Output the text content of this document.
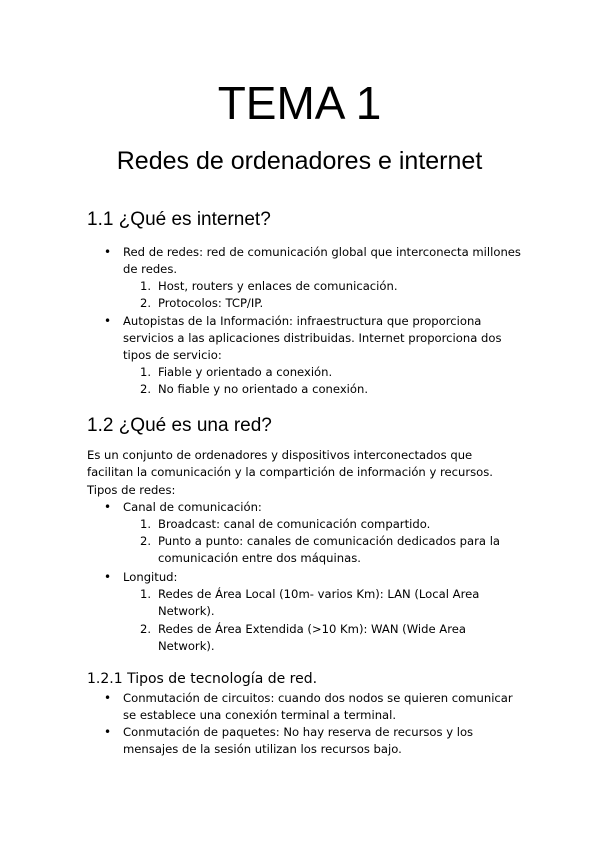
TEMA 1
Redes de ordenadores e internet
1.1 ¿Qué es internet?
• Red de redes: red de comunicación global que interconecta millones de redes.
1. Host, routers y enlaces de comunicación.
2. Protocolos: TCP/IP.
• Autopistas de la Información: infraestructura que proporciona servicios a las aplicaciones distribuidas. Internet proporciona dos tipos de servicio:
1. Fiable y orientado a conexión.
2. No fiable y no orientado a conexión.
1.2 ¿Qué es una red?
Es un conjunto de ordenadores y dispositivos interconectados que facilitan la comunicación y la compartición de información y recursos.
Tipos de redes:
• Canal de comunicación:
1. Broadcast: canal de comunicación compartido.
2. Punto a punto: canales de comunicación dedicados para la comunicación entre dos máquinas.
• Longitud:
1. Redes de Área Local (10m- varios Km): LAN (Local Area Network).
2. Redes de Área Extendida (>10 Km): WAN (Wide Area Network).
1.2.1 Tipos de tecnología de red.
• Conmutación de circuitos: cuando dos nodos se quieren comunicar se establece una conexión terminal a terminal.
• Conmutación de paquetes: No hay reserva de recursos y los mensajes de la sesión utilizan los recursos bajo.
